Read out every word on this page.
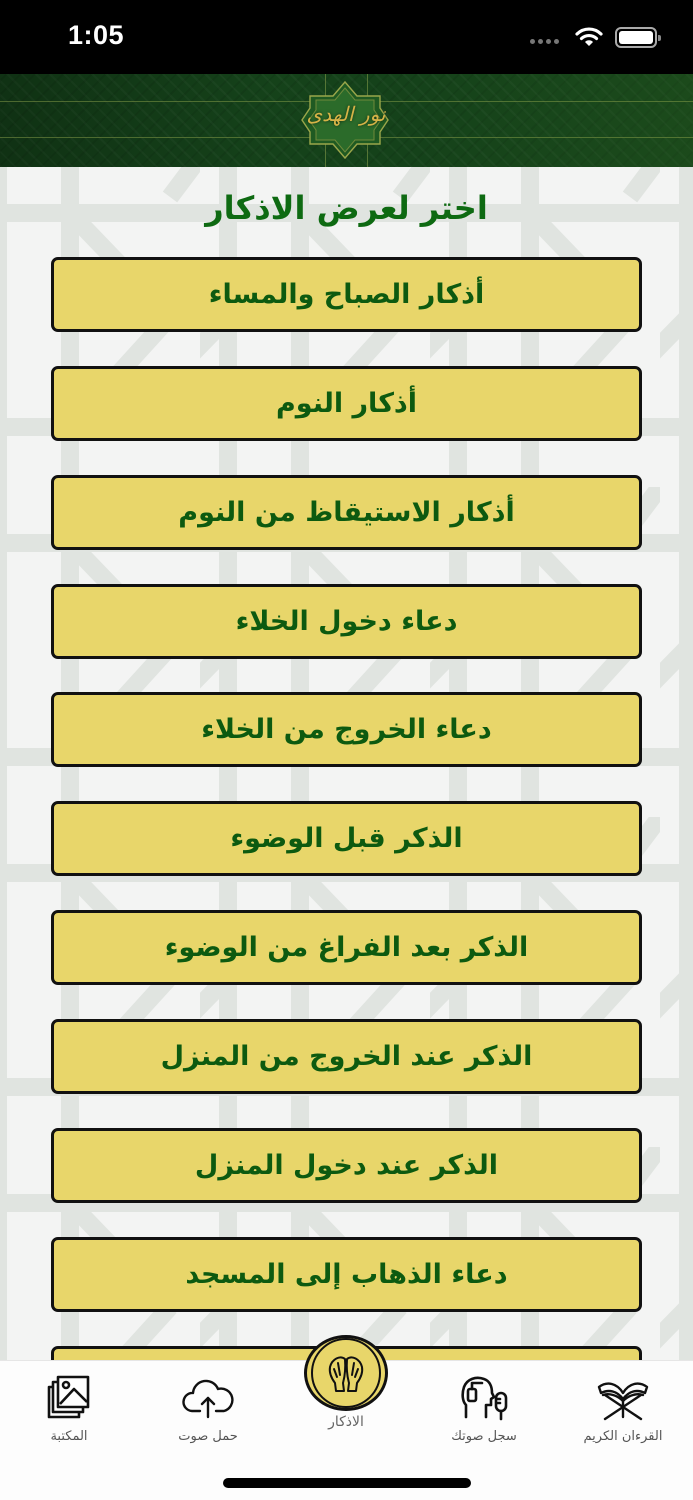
1:05
نور الهدى
اختر لعرض الاذكار
أذكار الصباح والمساء
أذكار النوم
أذكار الاستيقاظ من النوم
دعاء دخول الخلاء
دعاء الخروج من الخلاء
الذكر قبل الوضوء
الذكر بعد الفراغ من الوضوء
الذكر عند الخروج من المنزل
الذكر عند دخول المنزل
دعاء الذهاب إلى المسجد
المكتبة	حمل صوت
الاذكار
سجل صوتك	القرءان الكريم
